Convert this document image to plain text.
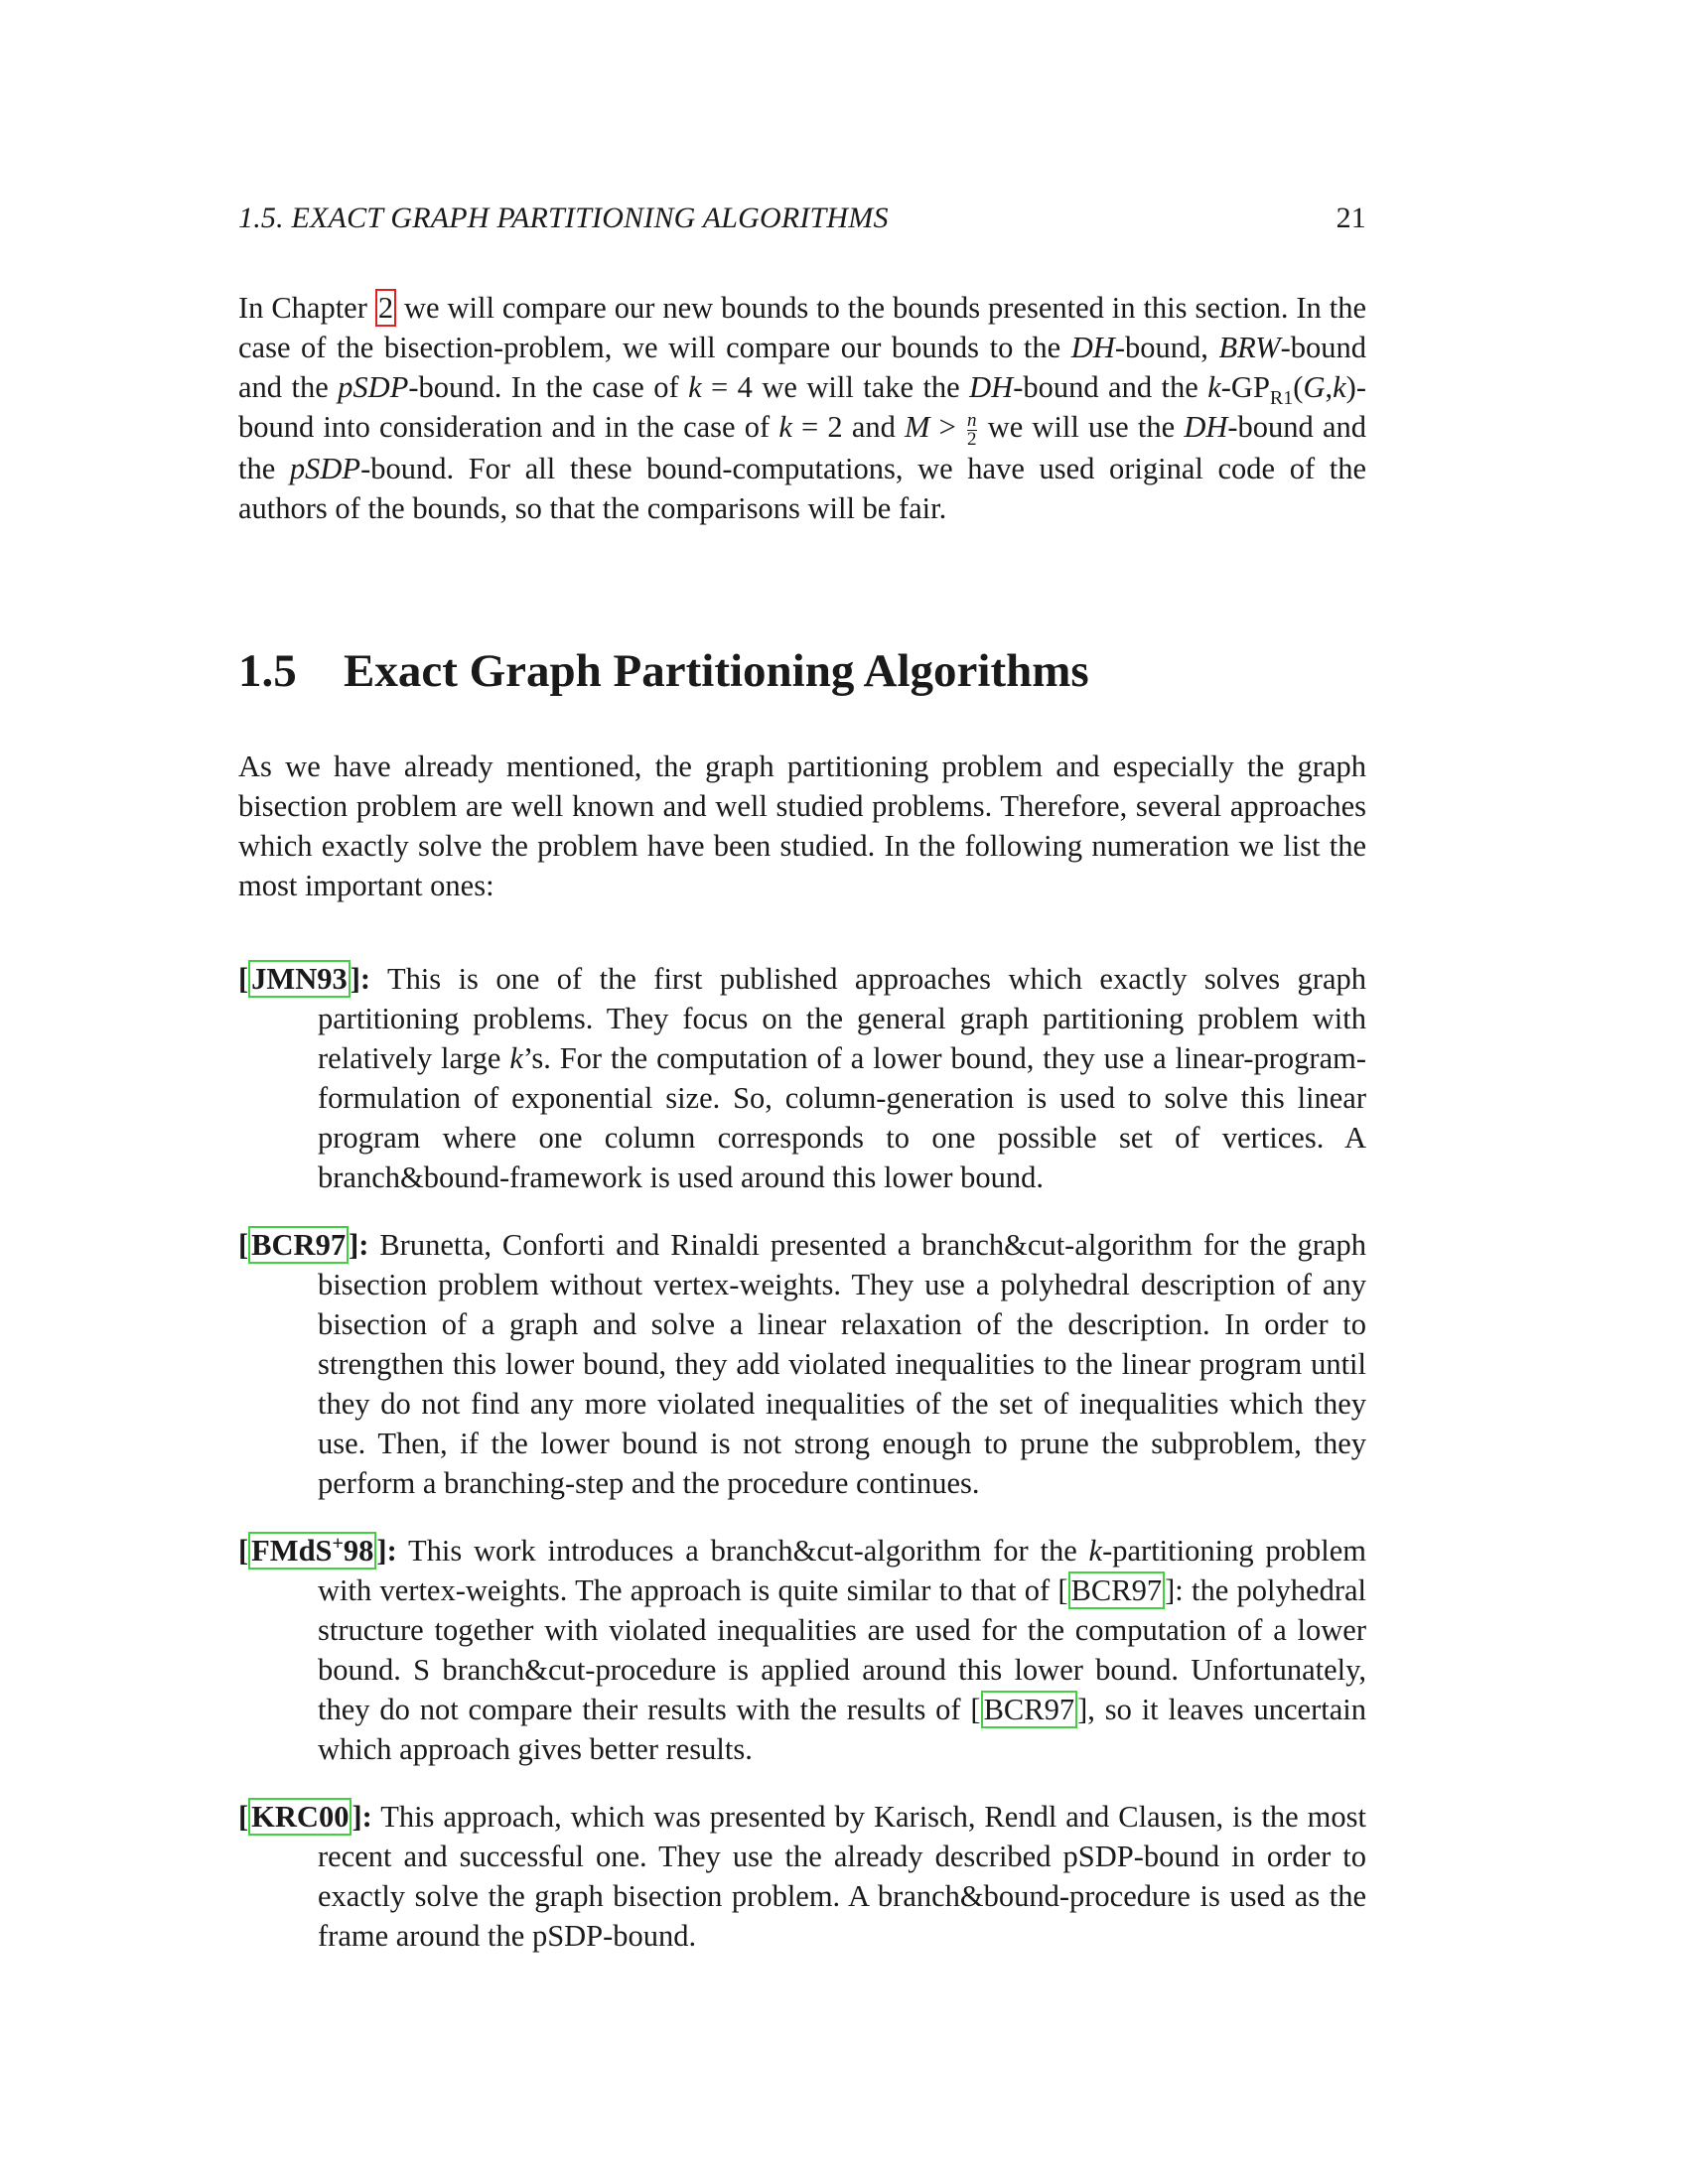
1.5. EXACT GRAPH PARTITIONING ALGORITHMS	21

In Chapter 2 we will compare our new bounds to the bounds presented in this section. In the case of the bisection-problem, we will compare our bounds to the DH-bound, BRW-bound and the pSDP-bound. In the case of k = 4 we will take the DH-bound and the $k-GP_{R1}(G,k)$-bound into consideration and in the case of k = 2 and $M > \frac{n}{2}$ we will use the DH-bound and the pSDP-bound. For all these bound-computations, we have used original code of the authors of the bounds, so that the comparisons will be fair.

1.5 Exact Graph Partitioning Algorithms

As we have already mentioned, the graph partitioning problem and especially the graph bisection problem are well known and well studied problems. Therefore, several approaches which exactly solve the problem have been studied. In the following numeration we list the most important ones:

[JMN93]: This is one of the first published approaches which exactly solves graph partitioning problems. They focus on the general graph partitioning problem with relatively large k’s. For the computation of a lower bound, they use a linear-program-formulation of exponential size. So, column-generation is used to solve this linear program where one column corresponds to one possible set of vertices. A branch&bound-framework is used around this lower bound.

[BCR97]: Brunetta, Conforti and Rinaldi presented a branch&cut-algorithm for the graph bisection problem without vertex-weights. They use a polyhedral description of any bisection of a graph and solve a linear relaxation of the description. In order to strengthen this lower bound, they add violated inequalities to the linear program until they do not find any more violated inequalities of the set of inequalities which they use. Then, if the lower bound is not strong enough to prune the subproblem, they perform a branching-step and the procedure continues.

[FMdS+98]: This work introduces a branch&cut-algorithm for the k-partitioning problem with vertex-weights. The approach is quite similar to that of [BCR97]: the polyhedral structure together with violated inequalities are used for the computation of a lower bound. S branch&cut-procedure is applied around this lower bound. Unfortunately, they do not compare their results with the results of [BCR97], so it leaves uncertain which approach gives better results.

[KRC00]: This approach, which was presented by Karisch, Rendl and Clausen, is the most recent and successful one. They use the already described pSDP-bound in order to exactly solve the graph bisection problem. A branch&bound-procedure is used as the frame around the pSDP-bound.
